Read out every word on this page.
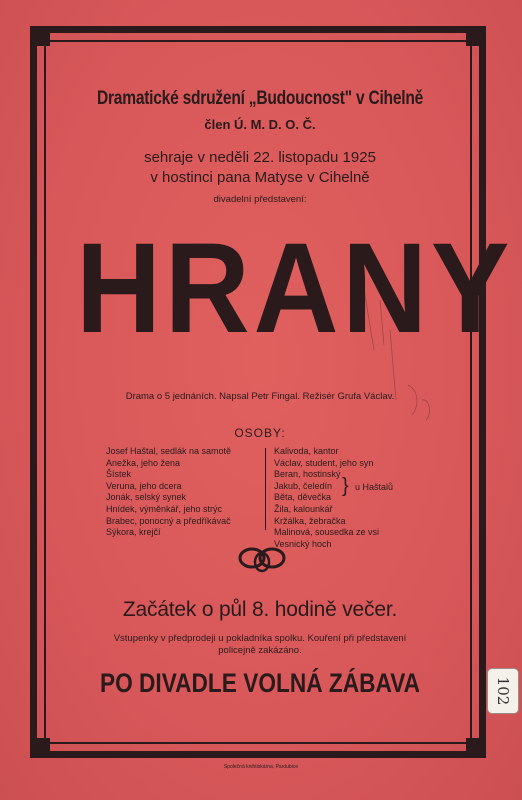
Dramatické sdružení „Budoucnost" v Cihelně
člen Ú. M. D. O. Č.
sehraje v neděli 22. listopadu 1925
v hostinci pana Matyse v Cihelně
divadelní představení:
HRANY
Drama o 5 jednáních. Napsal Petr Fingal. Režisér Grufa Václav.
OSOBY:
Josef Haštal, sedlák na samotě
Anežka, jeho žena
Šístek
Veruna, jeho dcera
Jonák, selský synek
Hnídek, výměnkář, jeho strýc
Brabec, ponocný a předříkávač
Sýkora, krejčí
Kalivoda, kantor
Václav, student, jeho syn
Beran, hostinský
Jakub, čeledín
Běta, děvečka
Žila, kalounkář
Kržálka, žebračka
Malinová, sousedka ze vsi
Vesnický hoch
} u Haštalů
Začátek o půl 8. hodině večer.
Vstupenky v předprodeji u pokladníka spolku. Kouření při představení
policejně zakázáno.
PO DIVADLE VOLNÁ ZÁBAVA
Společná knihtiskárna, Pardubice
102
